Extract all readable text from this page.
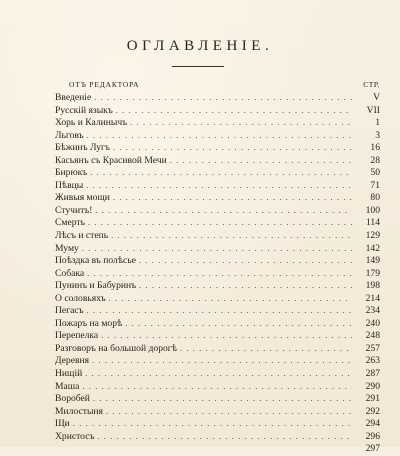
ОГЛАВЛЕНІЕ.
ОТЪ РЕДАКТОРА	СТР.
Введеніе . . .	V
Русскій языкъ . . .	VII
Хорь и Калинычъ . . .	1
Льговъ . . .	3
Бѣжинъ Лугъ . . .	16
Касьянъ съ Красивой Мечи . . .	28
Бирюкъ . . .	50
Пѣвцы . . .	71
Живыя мощи . . .	80
Стучитъ! . . .	100
Смерть . . .	114
Лѣсъ и степь . . .	129
Муму . . .	142
Поѣздка въ полѣсье . . .	149
Собака . . .	179
Пунинъ и Бабуринъ . . .	198
О соловьяхъ . . .	214
Пегасъ . . .	234
Пожаръ на морѣ . . .	240
Перепелка . . .	248
Разговоръ на большой дорогѣ . . .	257
Деревня . . .	263
Нищій . . .	287
Маша . . .	290
Воробей . . .	291
Милостыня . . .	292
Щи . . .	294
Христосъ . . .	296
297
